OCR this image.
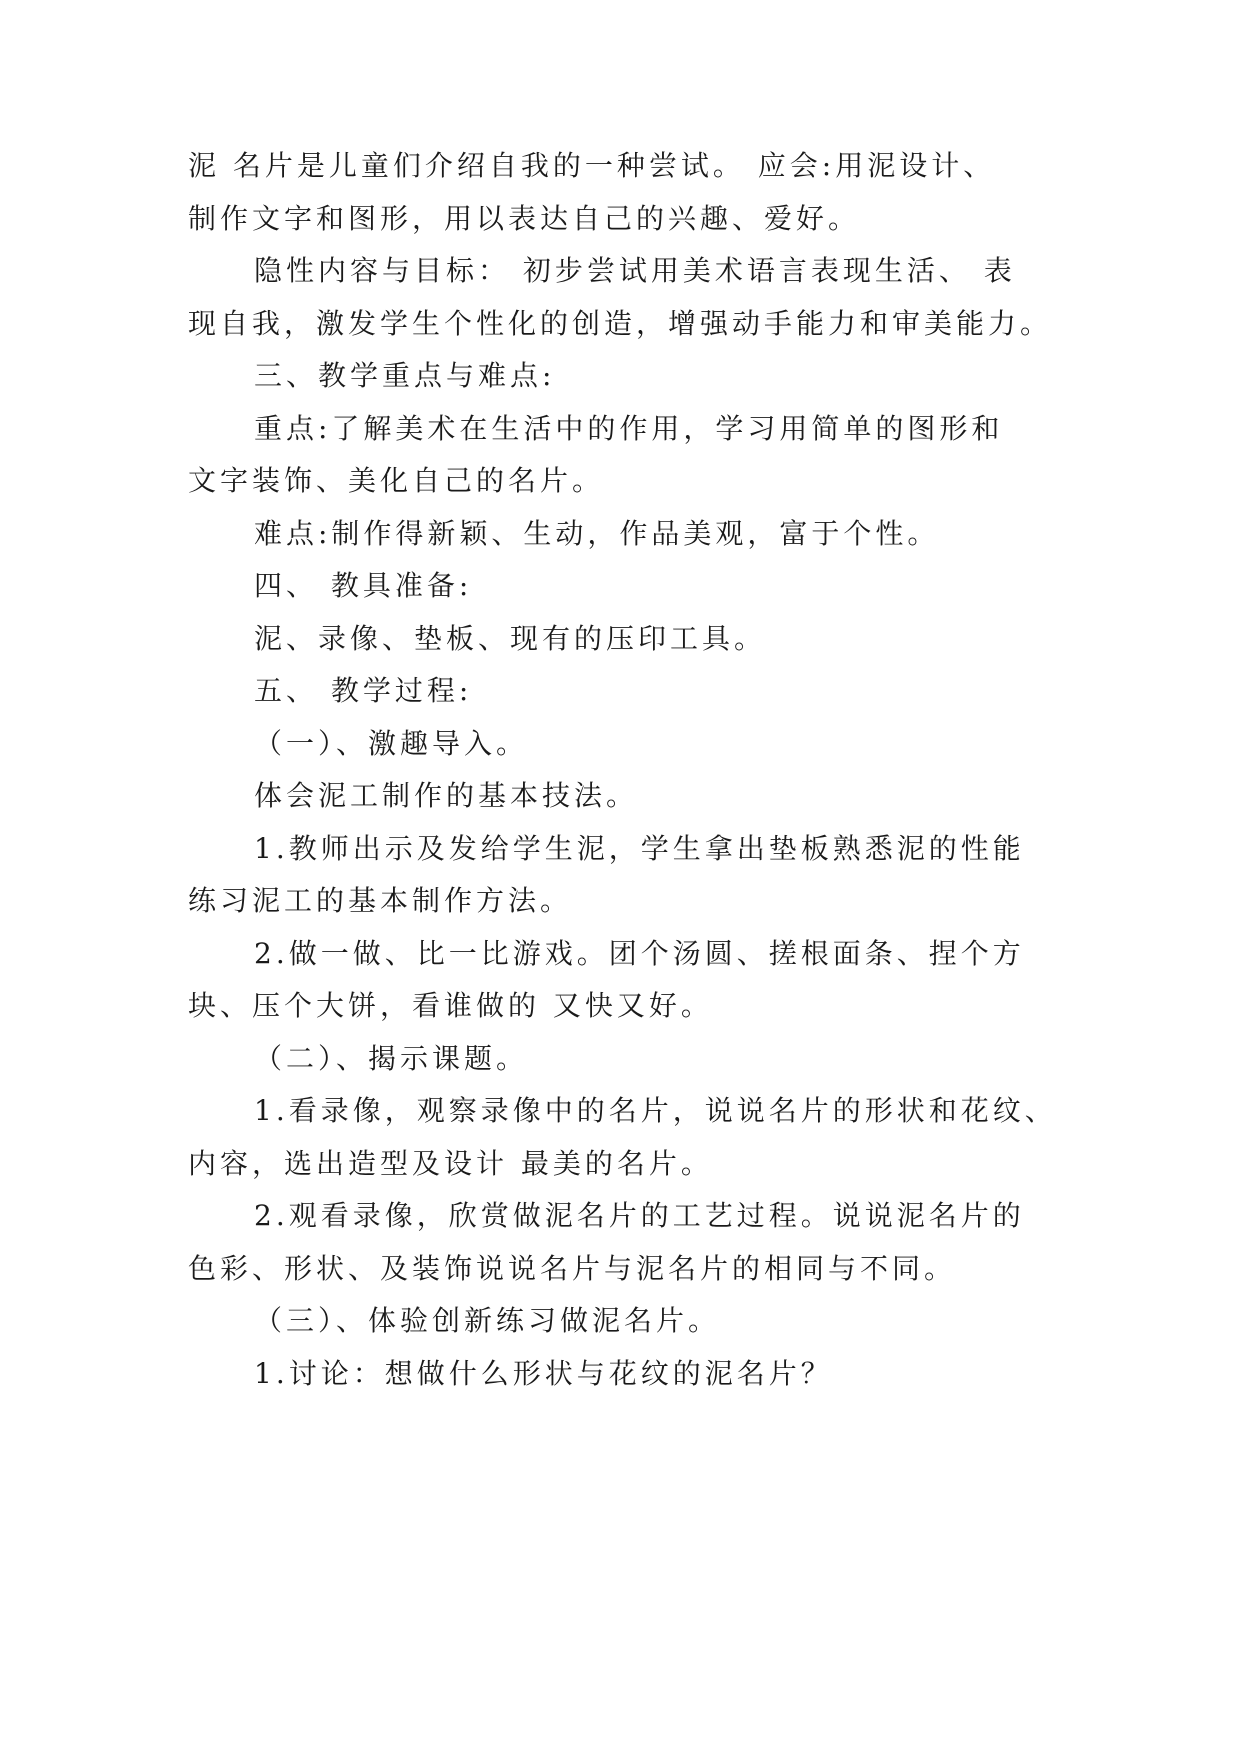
泥 名片是儿童们介绍自我的一种尝试。 应会:用泥设计、
制作文字和图形，用以表达自己的兴趣、爱好。
隐性内容与目标： 初步尝试用美术语言表现生活、 表
现自我，激发学生个性化的创造，增强动手能力和审美能力。
三、教学重点与难点:
重点:了解美术在生活中的作用，学习用简单的图形和
文字装饰、美化自己的名片。
难点:制作得新颖、生动，作品美观，富于个性。
四、 教具准备:
泥、录像、垫板、现有的压印工具。
五、 教学过程:
（一）、激趣导入。
体会泥工制作的基本技法。
1.教师出示及发给学生泥，学生拿出垫板熟悉泥的性能
练习泥工的基本制作方法。
2.做一做、比一比游戏。团个汤圆、搓根面条、捏个方
块、压个大饼，看谁做的 又快又好。
（二）、揭示课题。
1.看录像，观察录像中的名片，说说名片的形状和花纹、
内容，选出造型及设计 最美的名片。
2.观看录像，欣赏做泥名片的工艺过程。说说泥名片的
色彩、形状、及装饰说说名片与泥名片的相同与不同。
（三）、体验创新练习做泥名片。
1.讨论：想做什么形状与花纹的泥名片？
